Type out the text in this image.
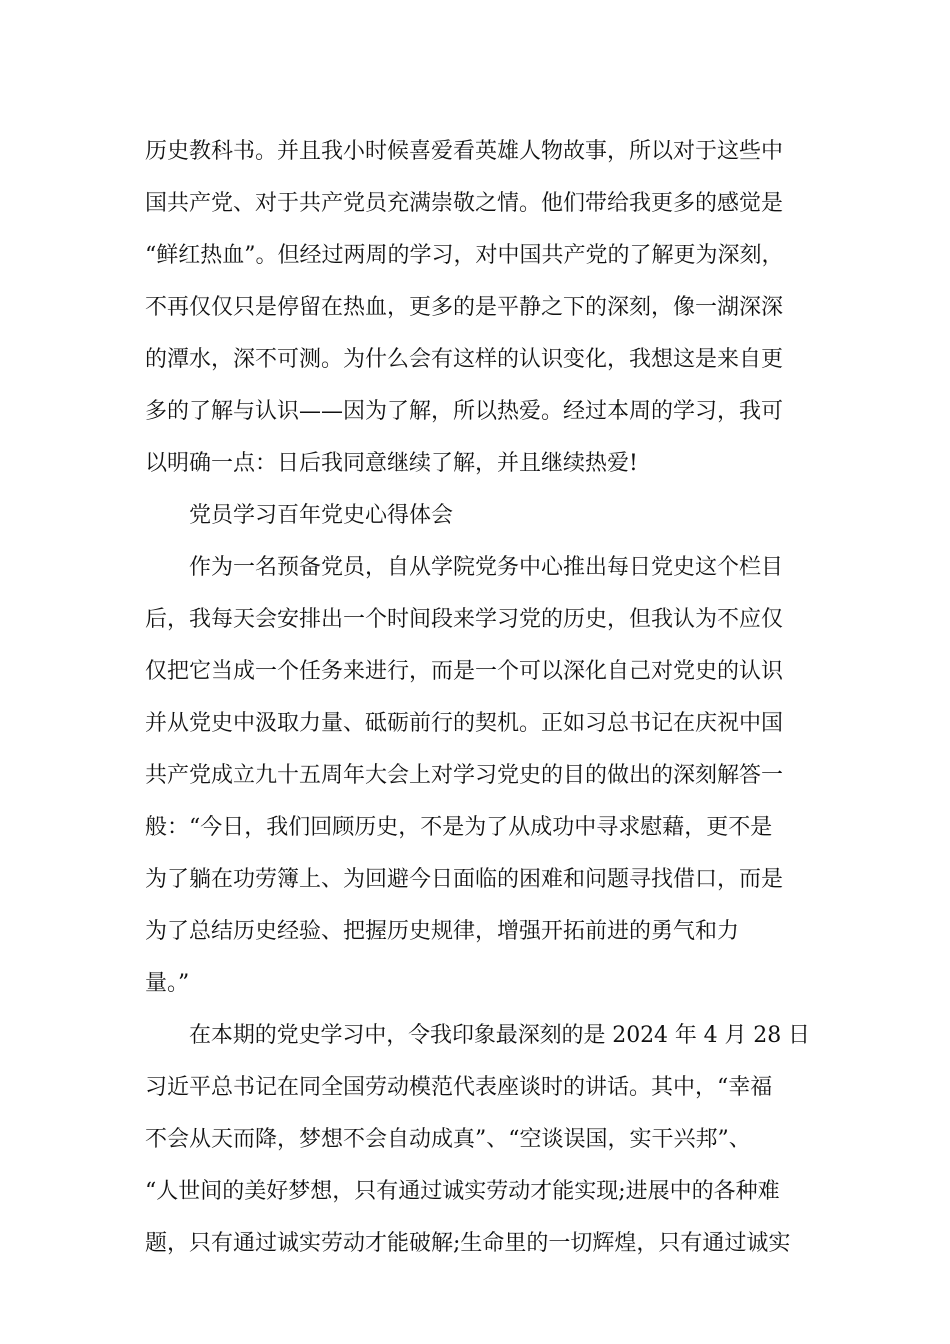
历史教科书。并且我小时候喜爱看英雄人物故事，所以对于这些中
国共产党、对于共产党员充满崇敬之情。他们带给我更多的感觉是
“鲜红热血”。但经过两周的学习，对中国共产党的了解更为深刻，
不再仅仅只是停留在热血，更多的是平静之下的深刻，像一湖深深
的潭水，深不可测。为什么会有这样的认识变化，我想这是来自更
多的了解与认识——因为了解，所以热爱。经过本周的学习，我可
以明确一点：日后我同意继续了解，并且继续热爱!
党员学习百年党史心得体会
作为一名预备党员，自从学院党务中心推出每日党史这个栏目
后，我每天会安排出一个时间段来学习党的历史，但我认为不应仅
仅把它当成一个任务来进行，而是一个可以深化自己对党史的认识
并从党史中汲取力量、砥砺前行的契机。正如习总书记在庆祝中国
共产党成立九十五周年大会上对学习党史的目的做出的深刻解答一
般：“今日，我们回顾历史，不是为了从成功中寻求慰藉，更不是
为了躺在功劳簿上、为回避今日面临的困难和问题寻找借口，而是
为了总结历史经验、把握历史规律，增强开拓前进的勇气和力
量。”
在本期的党史学习中，令我印象最深刻的是 2024 年 4 月 28 日
习近平总书记在同全国劳动模范代表座谈时的讲话。其中，“幸福
不会从天而降，梦想不会自动成真”、“空谈误国，实干兴邦”、
“人世间的美好梦想，只有通过诚实劳动才能实现;进展中的各种难
题，只有通过诚实劳动才能破解;生命里的一切辉煌，只有通过诚实
